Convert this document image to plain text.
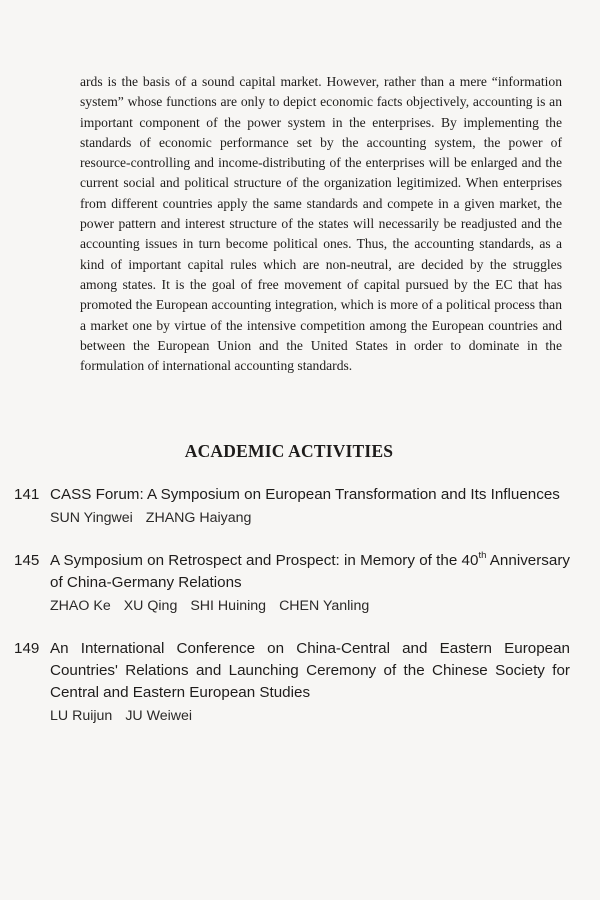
ards is the basis of a sound capital market. However, rather than a mere “information system” whose functions are only to depict economic facts objectively, accounting is an important component of the power system in the enterprises. By implementing the standards of economic performance set by the accounting system, the power of resource-controlling and income-distributing of the enterprises will be enlarged and the current social and political structure of the organization legitimized. When enterprises from different countries apply the same standards and compete in a given market, the power pattern and interest structure of the states will necessarily be readjusted and the accounting issues in turn become political ones. Thus, the accounting standards, as a kind of important capital rules which are non-neutral, are decided by the struggles among states. It is the goal of free movement of capital pursued by the EC that has promoted the European accounting integration, which is more of a political process than a market one by virtue of the intensive competition among the European countries and between the European Union and the United States in order to dominate in the formulation of international accounting standards.

ACADEMIC ACTIVITIES
141 CASS Forum: A Symposium on European Transformation and Its Influences

SUN Yingwei ZHANG Haiyang

145 A Symposium on Retrospect and Prospect: in Memory of the 40th Anniversary of China-Germany Relations

ZHAO Ke XU Qing SHI Huining CHEN Yanling

149 An International Conference on China-Central and Eastern European Countries' Relations and Launching Ceremony of the Chinese Society for Central and Eastern European Studies

LU Ruijun JU Weiwei
